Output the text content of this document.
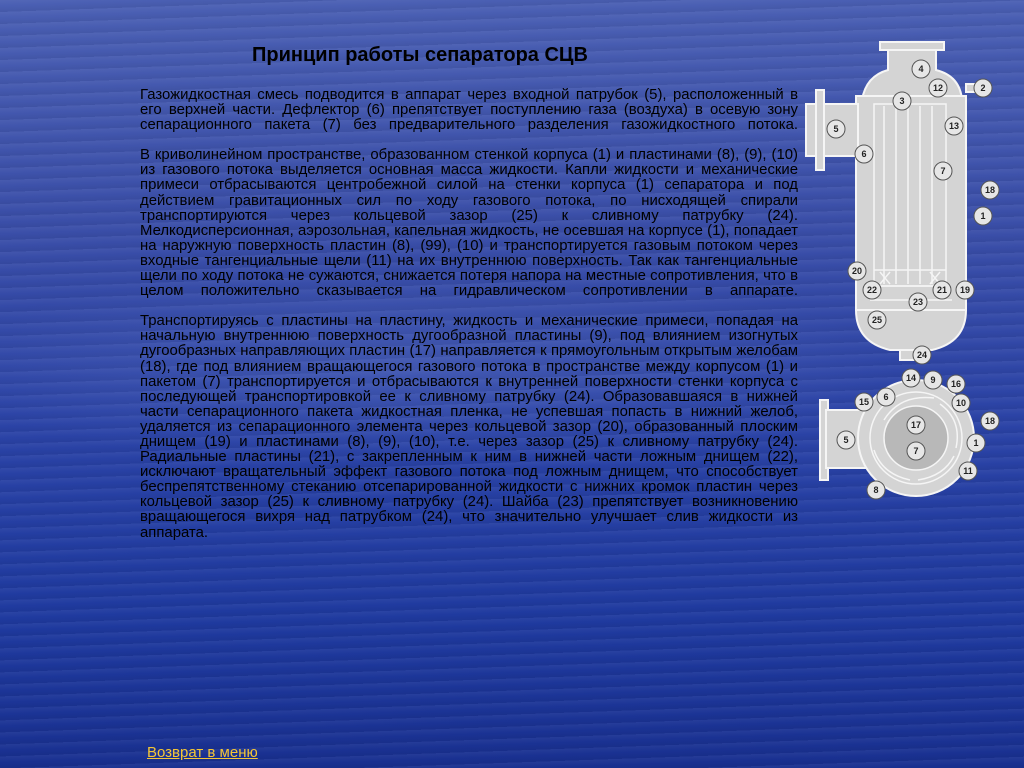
Принцип работы сепаратора СЦВ

Газожидкостная смесь подводится в аппарат через входной патрубок (5), расположенный в его верхней части. Дефлектор (6) препятствует поступлению газа (воздуха) в осевую зону сепарационного пакета (7) без предварительного разделения газожидкостного потока.

В криволинейном пространстве, образованном стенкой корпуса (1) и пластинами (8), (9), (10) из газового потока выделяется основная масса жидкости. Капли жидкости и механические примеси отбрасываются центробежной силой на стенки корпуса (1) сепаратора и под действием гравитационных сил по ходу газового потока, по нисходящей спирали транспортируются через кольцевой зазор (25) к сливному патрубку (24). Мелкодисперсионная, аэрозольная, капельная жидкость, не осевшая на корпусе (1), попадает на наружную поверхность пластин (8), (99), (10) и транспортируется газовым потоком через входные тангенциальные щели (11) на их внутреннюю поверхность. Так как тангенциальные щели по ходу потока не сужаются, снижается потеря напора на местные сопротивления, что в целом положительно сказывается на гидравлическом сопротивлении в аппарате.

Транспортируясь с пластины на пластину, жидкость и механические примеси, попадая на начальную внутреннюю поверхность дугообразной пластины (9), под влиянием изогнутых дугообразных направляющих пластин (17) направляется к прямоугольным открытым желобам (18), где под влиянием вращающегося газового потока в пространстве между корпусом (1) и пакетом (7) транспортируется и отбрасываются к внутренней поверхности стенки корпуса с последующей транспортировкой ее к сливному патрубку (24). Образовавшаяся в нижней части сепарационного пакета жидкостная пленка, не успевшая попасть в нижний желоб, удаляется из сепарационного элемента через кольцевой зазор (20), образованный плоским днищем (19) и пластинами (8), (9), (10), т.е. через зазор (25) к сливному патрубку (24). Радиальные пластины (21), с закрепленным к ним в нижней части ложным днищем (22), исключают вращательный эффект газового потока под ложным днищем, что способствует беспрепятственному стеканию отсепарированной жидкости с нижних кромок пластин через кольцевой зазор (25) к сливному патрубку (24). Шайба (23) препятствует возникновению вращающегося вихря над патрубком (24), что значительно улучшает слив жидкости из аппарата.

Возврат в меню
4
12	2
3
13
5
6
7
18
1
20
22	21 19
23
25
24
14 9 16
15 6
10
18
17
5	1
7
11
8
